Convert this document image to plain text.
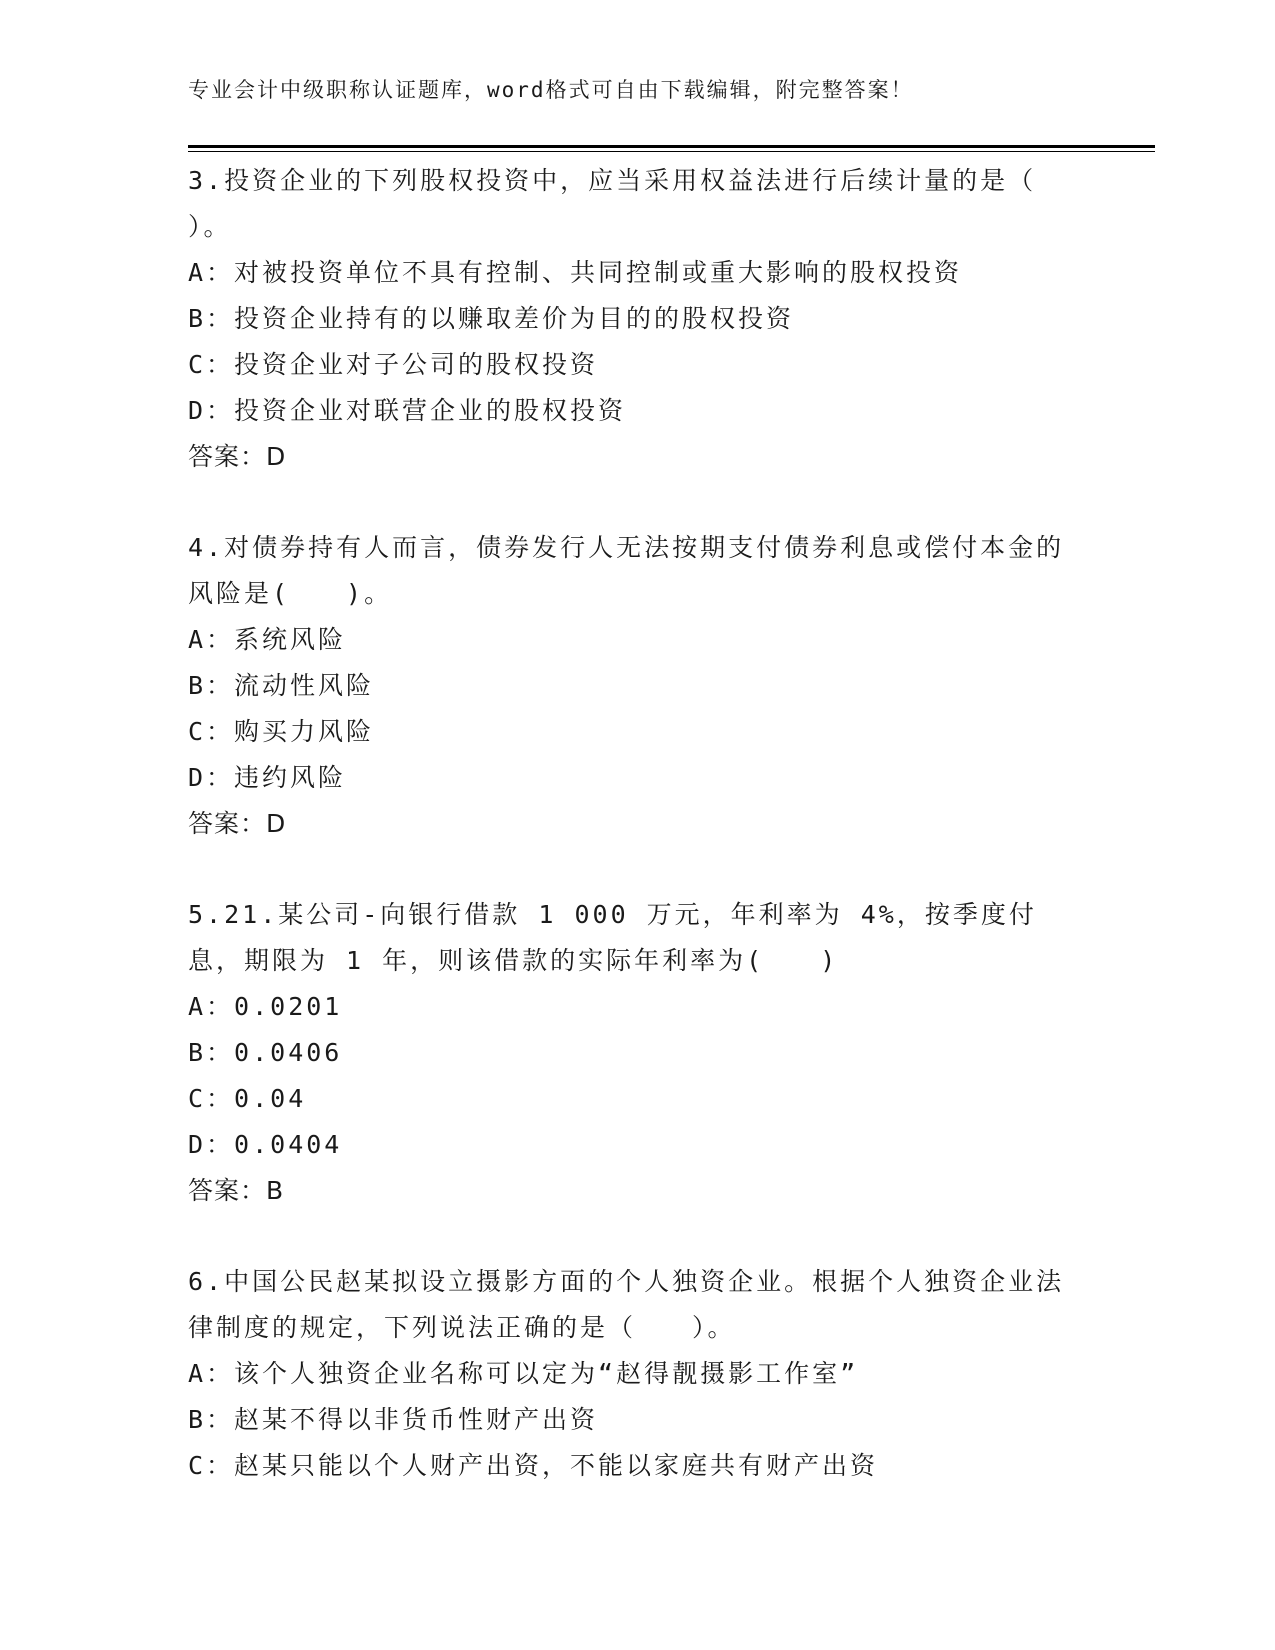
专业会计中级职称认证题库，word格式可自由下载编辑，附完整答案！

3.投资企业的下列股权投资中，应当采用权益法进行后续计量的是（ ）。

A：对被投资单位不具有控制、共同控制或重大影响的股权投资
B：投资企业持有的以赚取差价为目的的股权投资
C：投资企业对子公司的股权投资
D：投资企业对联营企业的股权投资
答案：D

4.对债券持有人而言，债券发行人无法按期支付债券利息或偿付本金的风险是(　　)。

A：系统风险
B：流动性风险
C：购买力风险
D：违约风险
答案：D

5.21.某公司-向银行借款 1 000 万元，年利率为 4%，按季度付息，期限为 1 年，则该借款的实际年利率为(　　)

A：0.0201
B：0.0406
C：0.04
D：0.0404
答案：B

6.中国公民赵某拟设立摄影方面的个人独资企业。根据个人独资企业法律制度的规定，下列说法正确的是（　　）。

A：该个人独资企业名称可以定为“赵得靓摄影工作室”
B：赵某不得以非货币性财产出资
C：赵某只能以个人财产出资，不能以家庭共有财产出资
